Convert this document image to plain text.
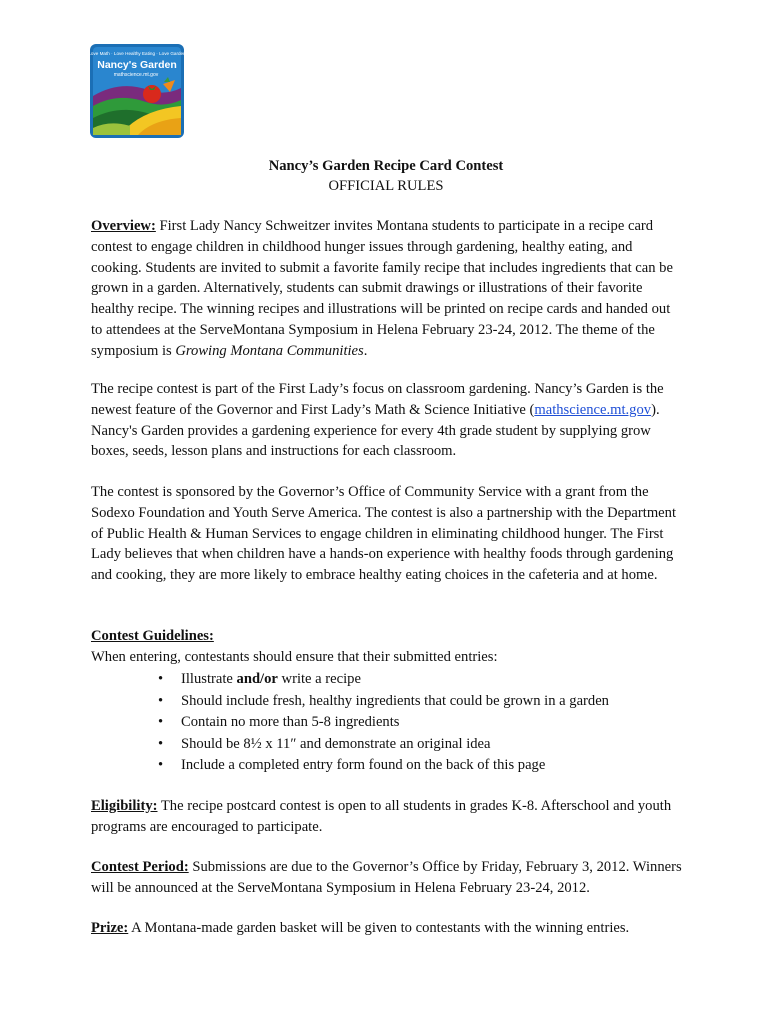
Love Math · Love Healthy Eating · Love Garden
Nancy's Garden
mathscience.mt.gov
Nancy’s Garden Recipe Card Contest
OFFICIAL RULES

Overview: First Lady Nancy Schweitzer invites Montana students to participate in a recipe card contest to engage children in childhood hunger issues through gardening, healthy eating, and cooking. Students are invited to submit a favorite family recipe that includes ingredients that can be grown in a garden. Alternatively, students can submit drawings or illustrations of their favorite healthy recipe. The winning recipes and illustrations will be printed on recipe cards and handed out to attendees at the ServeMontana Symposium in Helena February 23-24, 2012. The theme of the symposium is Growing Montana Communities.

The recipe contest is part of the First Lady’s focus on classroom gardening. Nancy’s Garden is the newest feature of the Governor and First Lady’s Math & Science Initiative (mathscience.mt.gov). Nancy's Garden provides a gardening experience for every 4th grade student by supplying grow boxes, seeds, lesson plans and instructions for each classroom.

The contest is sponsored by the Governor’s Office of Community Service with a grant from the Sodexo Foundation and Youth Serve America. The contest is also a partnership with the Department of Public Health & Human Services to engage children in eliminating childhood hunger. The First Lady believes that when children have a hands-on experience with healthy foods through gardening and cooking, they are more likely to embrace healthy eating choices in the cafeteria and at home.

Contest Guidelines:
When entering, contestants should ensure that their submitted entries:

• Illustrate and/or write a recipe
• Should include fresh, healthy ingredients that could be grown in a garden
• Contain no more than 5-8 ingredients
• Should be 8½ x 11″ and demonstrate an original idea
• Include a completed entry form found on the back of this page

Eligibility: The recipe postcard contest is open to all students in grades K-8. Afterschool and youth programs are encouraged to participate.

Contest Period: Submissions are due to the Governor’s Office by Friday, February 3, 2012. Winners will be announced at the ServeMontana Symposium in Helena February 23-24, 2012.

Prize: A Montana-made garden basket will be given to contestants with the winning entries.
